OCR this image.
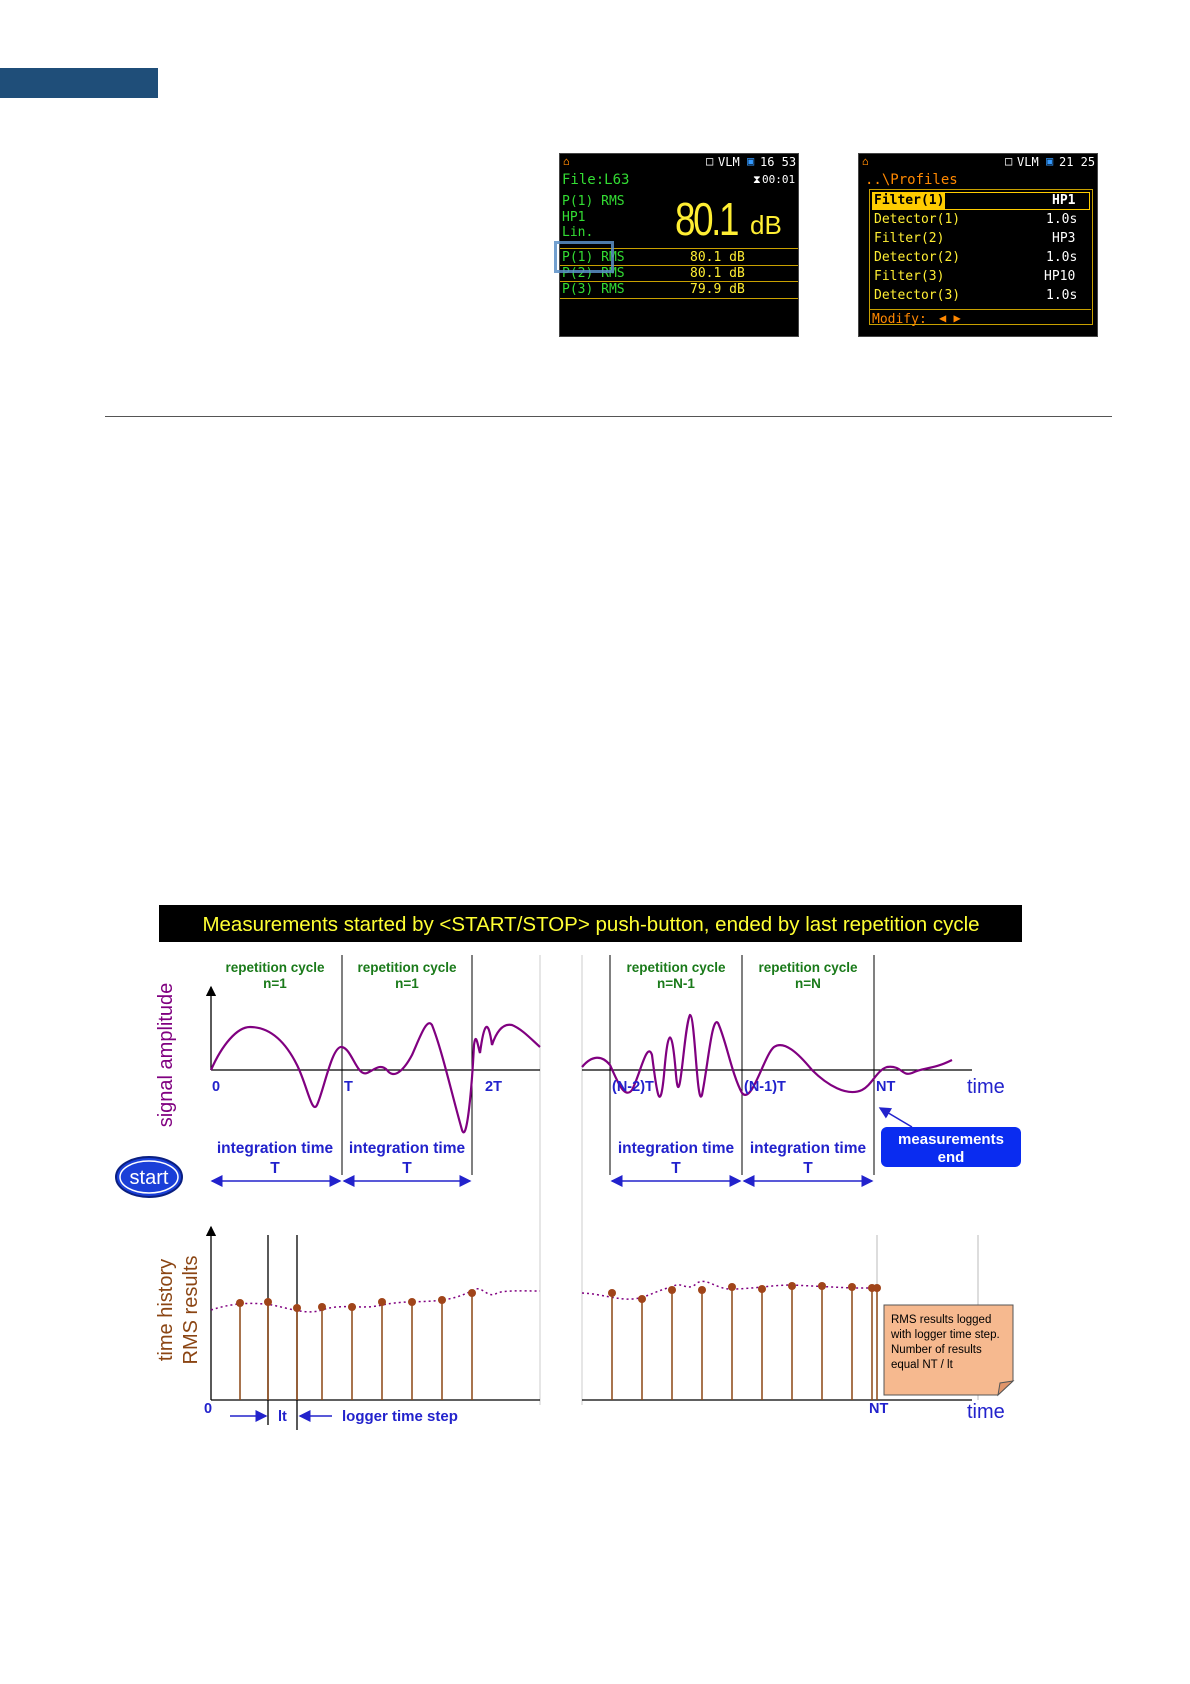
⌂	□ VLM ▣ 16 53
File:L63	⧗ 00:01
P(1) RMS
HP1
Lin. 80.1 dB
P(1) RMS	80.1 dB
P(2) RMS	80.1 dB
P(3) RMS	79.9 dB
⌂	□ VLM ▣ 21 25
..\Profiles
Filter(1)	HP1
Detector(1)	1.0s
Filter(2)	HP3
Detector(2)	1.0s
Filter(3)	HP10
Detector(3)	1.0s
Modify: ◀ ▶
Measurements started by <START/STOP> push-button, ended by last repetition cycle
repetition cycle
n=1
repetition cycle
n=1
repetition cycle
n=N-1
repetition cycle
n=N
signal amplitude	time
0	T	2T	(N-2)T	(N-1)T	NT
integration time
T
integration time
T
integration time
T
integration time
T
start
measurements
end
time history RMS results
time
0	NT
lt	logger time step
RMS results logged
with logger time step.
Number of results
equal NT / lt
